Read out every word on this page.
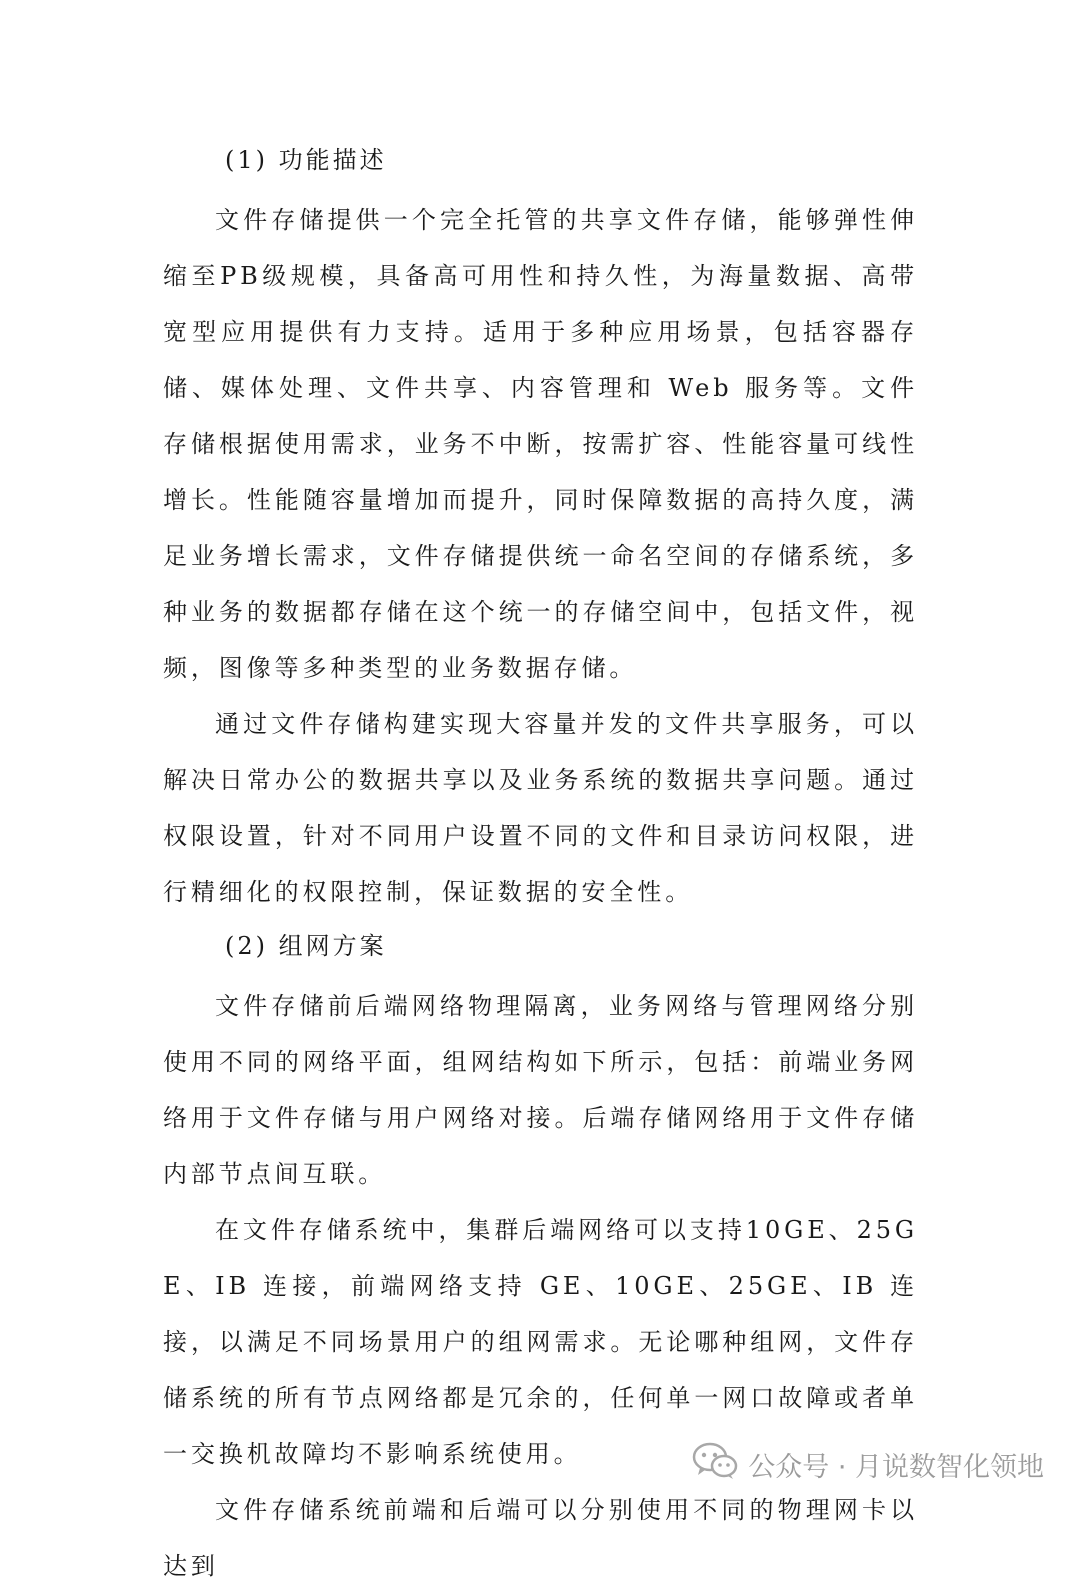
(1) 功能描述

文件存储提供一个完全托管的共享文件存储，能够弹性伸缩至PB级规模，具备高可用性和持久性，为海量数据、高带宽型应用提供有力支持。适用于多种应用场景，包括容器存储、媒体处理、文件共享、内容管理和 Web 服务等。文件存储根据使用需求，业务不中断，按需扩容、性能容量可线性增长。性能随容量增加而提升，同时保障数据的高持久度，满足业务增长需求，文件存储提供统一命名空间的存储系统，多种业务的数据都存储在这个统一的存储空间中，包括文件，视频，图像等多种类型的业务数据存储。

通过文件存储构建实现大容量并发的文件共享服务，可以解决日常办公的数据共享以及业务系统的数据共享问题。通过权限设置，针对不同用户设置不同的文件和目录访问权限，进行精细化的权限控制，保证数据的安全性。

(2) 组网方案

文件存储前后端网络物理隔离，业务网络与管理网络分别使用不同的网络平面，组网结构如下所示，包括：前端业务网络用于文件存储与用户网络对接。后端存储网络用于文件存储内部节点间互联。

在文件存储系统中，集群后端网络可以支持10GE、25GE、IB 连接，前端网络支持 GE、10GE、25GE、IB 连接，以满足不同场景用户的组网需求。无论哪种组网，文件存储系统的所有节点网络都是冗余的，任何单一网口故障或者单一交换机故障均不影响系统使用。

文件存储系统前端和后端可以分别使用不同的物理网卡以达到

公众号 · 月说数智化领地
